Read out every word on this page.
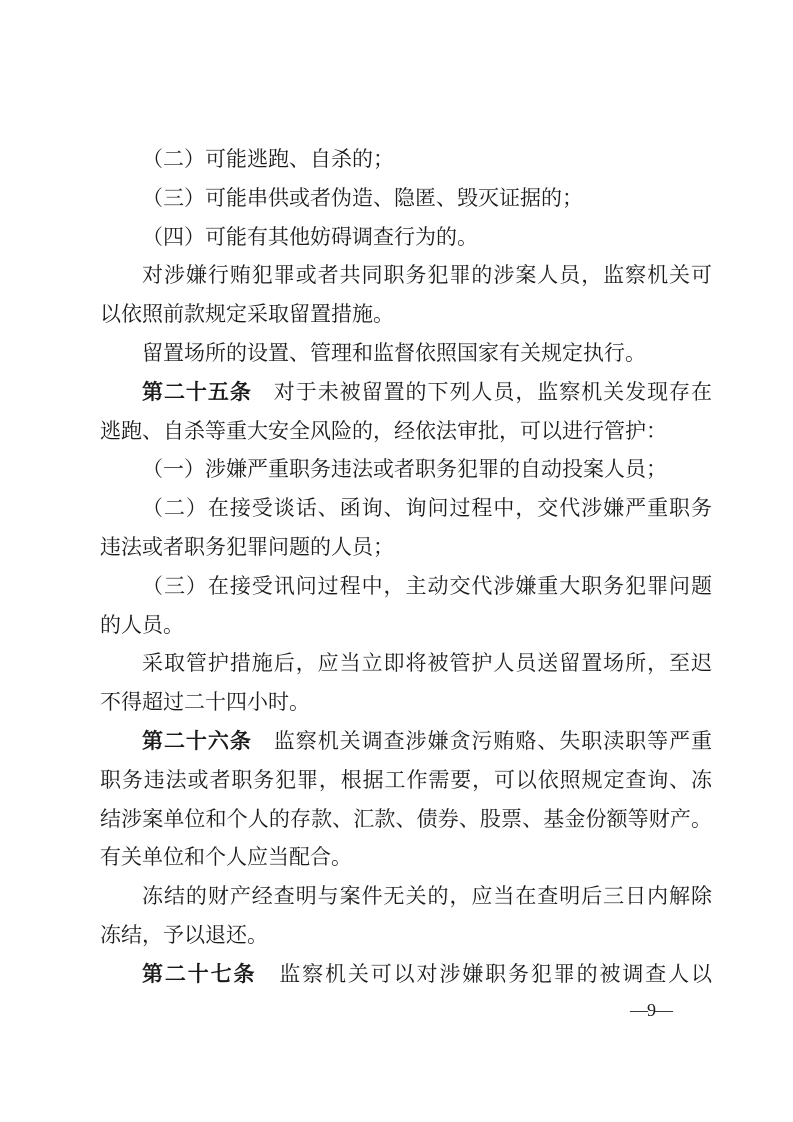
（二）可能逃跑、自杀的；
（三）可能串供或者伪造、隐匿、毁灭证据的；
（四）可能有其他妨碍调查行为的。
对涉嫌行贿犯罪或者共同职务犯罪的涉案人员，监察机关可
以依照前款规定采取留置措施。
留置场所的设置、管理和监督依照国家有关规定执行。
第二十五条　对于未被留置的下列人员，监察机关发现存在
逃跑、自杀等重大安全风险的，经依法审批，可以进行管护：
（一）涉嫌严重职务违法或者职务犯罪的自动投案人员；
（二）在接受谈话、函询、询问过程中，交代涉嫌严重职务
违法或者职务犯罪问题的人员；
（三）在接受讯问过程中，主动交代涉嫌重大职务犯罪问题
的人员。
采取管护措施后，应当立即将被管护人员送留置场所，至迟
不得超过二十四小时。
第二十六条　监察机关调查涉嫌贪污贿赂、失职渎职等严重
职务违法或者职务犯罪，根据工作需要，可以依照规定查询、冻
结涉案单位和个人的存款、汇款、债券、股票、基金份额等财产。
有关单位和个人应当配合。
冻结的财产经查明与案件无关的，应当在查明后三日内解除
冻结，予以退还。
第二十七条　监察机关可以对涉嫌职务犯罪的被调查人以
—9—
